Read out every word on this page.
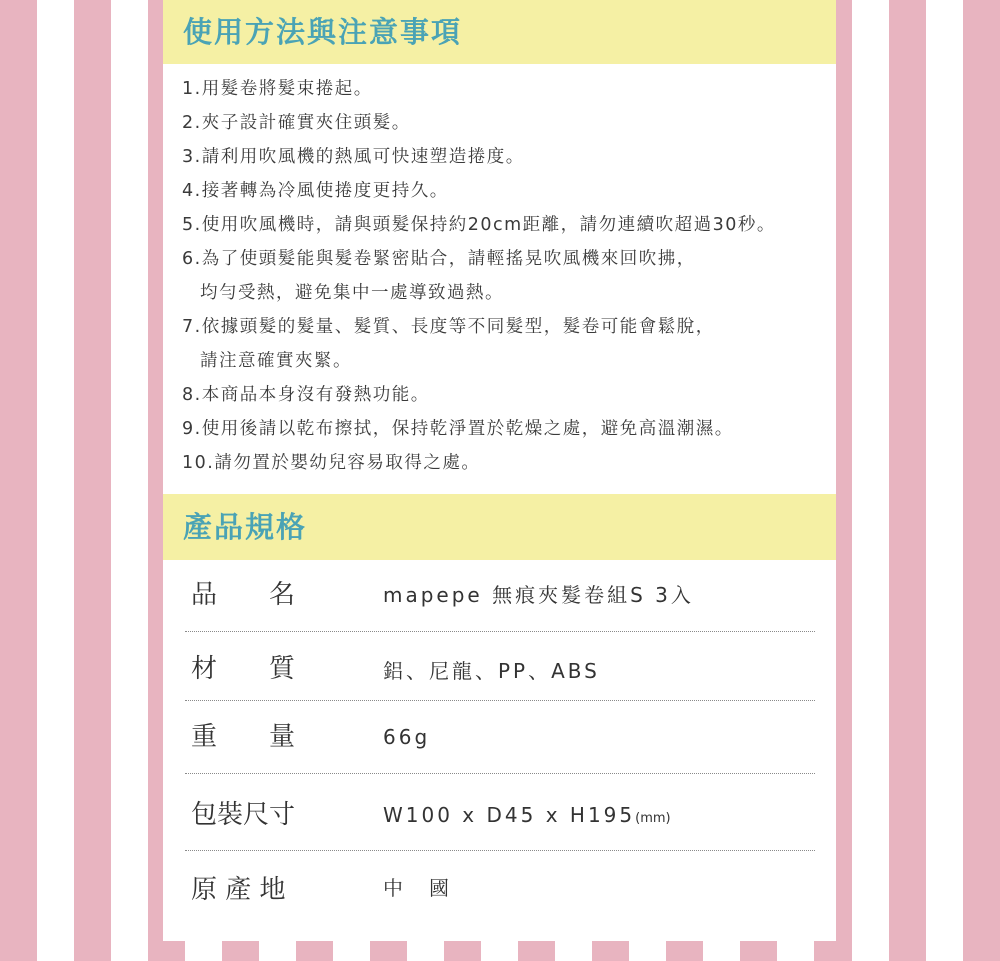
使用方法與注意事項
1.用髮卷將髮束捲起。
2.夾子設計確實夾住頭髮。
3.請利用吹風機的熱風可快速塑造捲度。
4.接著轉為冷風使捲度更持久。
5.使用吹風機時，請與頭髮保持約20cm距離，請勿連續吹超過30秒。
6.為了使頭髮能與髮卷緊密貼合，請輕搖晃吹風機來回吹拂，
均勻受熱，避免集中一處導致過熱。
7.依據頭髮的髮量、髮質、長度等不同髮型，髮卷可能會鬆脫，
請注意確實夾緊。
8.本商品本身沒有發熱功能。
9.使用後請以乾布擦拭，保持乾淨置於乾燥之處，避免高溫潮濕。
10.請勿置於嬰幼兒容易取得之處。
產品規格
品　　名	mapepe 無痕夾髮卷組S 3入
材　　質	鋁、尼龍、PP、ABS
重　　量	66g
包裝尺寸	W100 x D45 x H195(mm)
原 產 地	中　國
